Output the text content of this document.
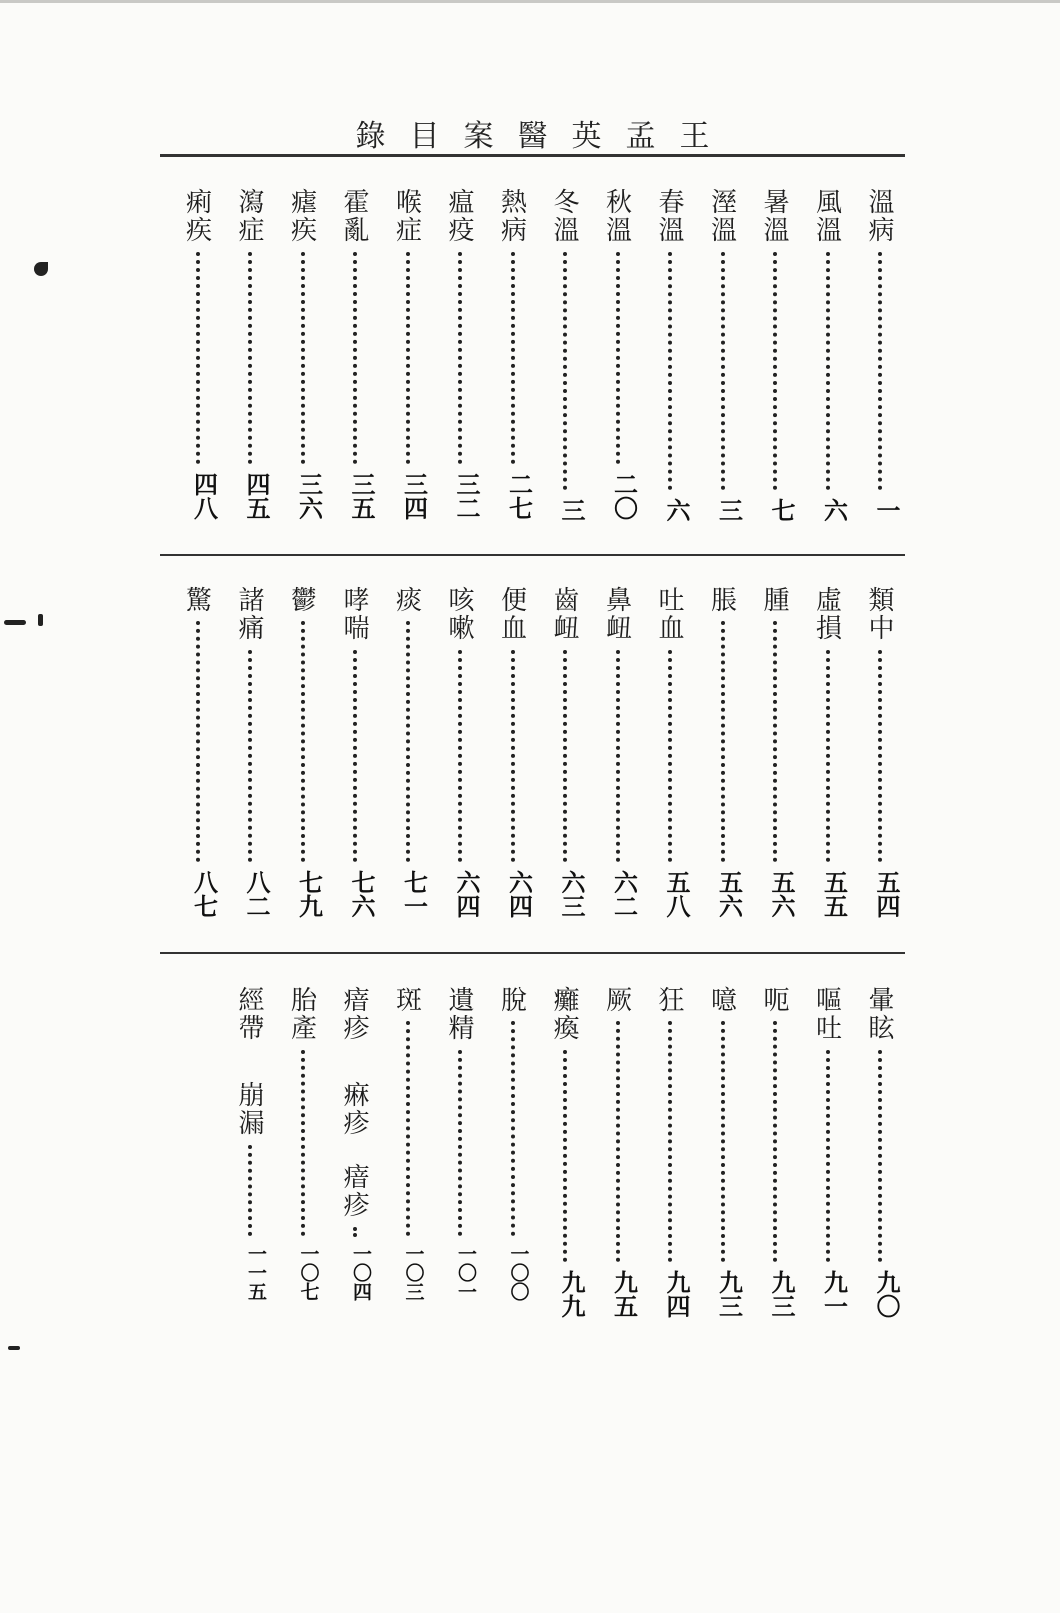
王
孟
英
醫
案
目
錄
溫病
一
風溫
六
暑溫
七
溼溫
三
春溫
六
秋溫
二〇
冬溫
三
熱病
二七
瘟疫
三二
喉症
三四
霍亂
三五
瘧疾
三六
瀉症
四五
痢疾
四八
類中
五四
虛損
五五
腫
五六
脹
五六
吐血
五八
鼻衄
六二
齒衄
六三
便血
六四
咳嗽
六四
痰
七一
哮喘
七六
鬱
七九
諸痛
八二
驚
八七
暈眩
九〇
嘔吐
九一
呃
九三
噫
九三
狂
九四
厥
九五
癱瘓
九九
脫
一〇〇
遺精
一〇一
斑
一〇三
瘖疹
痳疹
瘖疹
一〇四
胎產
一〇七
經帶
崩漏
一一五
